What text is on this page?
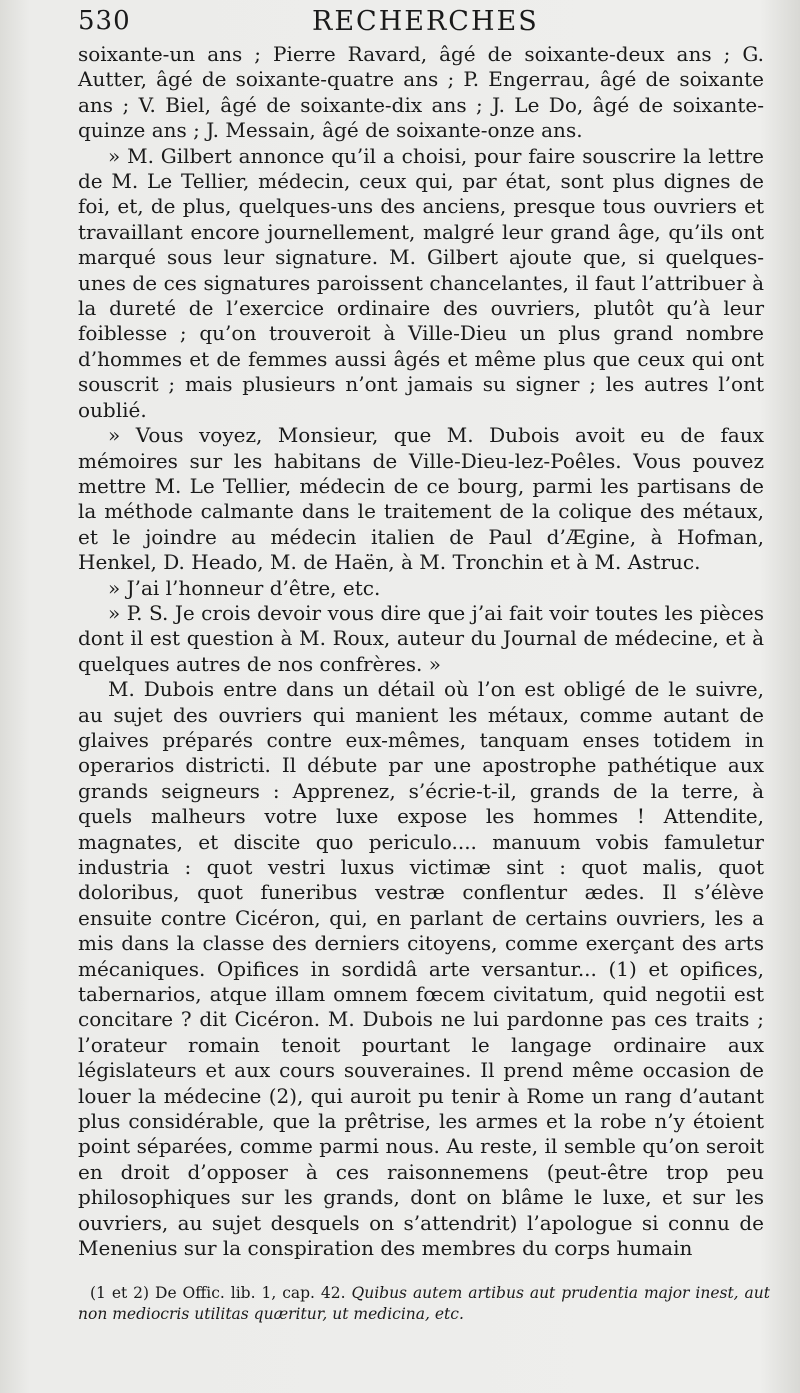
530	RECHERCHES

soixante-un ans ; Pierre Ravard, âgé de soixante-deux ans ; G. Autter, âgé de soixante-quatre ans ; P. Engerrau, âgé de soixante ans ; V. Biel, âgé de soixante-dix ans ; J. Le Do, âgé de soixante-quinze ans ; J. Messain, âgé de soixante-onze ans.

» M. Gilbert annonce qu’il a choisi, pour faire souscrire la lettre de M. Le Tellier, médecin, ceux qui, par état, sont plus dignes de foi, et, de plus, quelques-uns des anciens, presque tous ouvriers et travaillant encore journellement, malgré leur grand âge, qu’ils ont marqué sous leur signature. M. Gilbert ajoute que, si quelques-unes de ces signatures paroissent chancelantes, il faut l’attribuer à la dureté de l’exercice ordinaire des ouvriers, plutôt qu’à leur foiblesse ; qu’on trouveroit à Ville-Dieu un plus grand nombre d’hommes et de femmes aussi âgés et même plus que ceux qui ont souscrit ; mais plusieurs n’ont jamais su signer ; les autres l’ont oublié.

» Vous voyez, Monsieur, que M. Dubois avoit eu de faux mémoires sur les habitans de Ville-Dieu-lez-Poêles. Vous pouvez mettre M. Le Tellier, médecin de ce bourg, parmi les partisans de la méthode calmante dans le traitement de la colique des métaux, et le joindre au médecin italien de Paul d’Ægine, à Hofman, Henkel, D. Heado, M. de Haën, à M. Tronchin et à M. Astruc.

» J’ai l’honneur d’être, etc.

» P. S. Je crois devoir vous dire que j’ai fait voir toutes les pièces dont il est question à M. Roux, auteur du Journal de médecine, et à quelques autres de nos confrères. »

M. Dubois entre dans un détail où l’on est obligé de le suivre, au sujet des ouvriers qui manient les métaux, comme autant de glaives préparés contre eux-mêmes, tanquam enses totidem in operarios districti. Il débute par une apostrophe pathétique aux grands seigneurs : Apprenez, s’écrie-t-il, grands de la terre, à quels malheurs votre luxe expose les hommes ! Attendite, magnates, et discite quo periculo.... manuum vobis famuletur industria : quot vestri luxus victimæ sint : quot malis, quot doloribus, quot funeribus vestræ conflentur ædes. Il s’élève ensuite contre Cicéron, qui, en parlant de certains ouvriers, les a mis dans la classe des derniers citoyens, comme exerçant des arts mécaniques. Opifices in sordidâ arte versantur... (1) et opifices, tabernarios, atque illam omnem fœcem civitatum, quid negotii est concitare ? dit Cicéron. M. Dubois ne lui pardonne pas ces traits ; l’orateur romain tenoit pourtant le langage ordinaire aux législateurs et aux cours souveraines. Il prend même occasion de louer la médecine (2), qui auroit pu tenir à Rome un rang d’autant plus considérable, que la prêtrise, les armes et la robe n’y étoient point séparées, comme parmi nous. Au reste, il semble qu’on seroit en droit d’opposer à ces raisonnemens (peut-être trop peu philosophiques sur les grands, dont on blâme le luxe, et sur les ouvriers, au sujet desquels on s’attendrit) l’apologue si connu de Menenius sur la conspiration des membres du corps humain

(1 et 2) De Offic. lib. 1, cap. 42. Quibus autem artibus aut prudentia major inest, aut non mediocris utilitas quæritur, ut medicina, etc.
